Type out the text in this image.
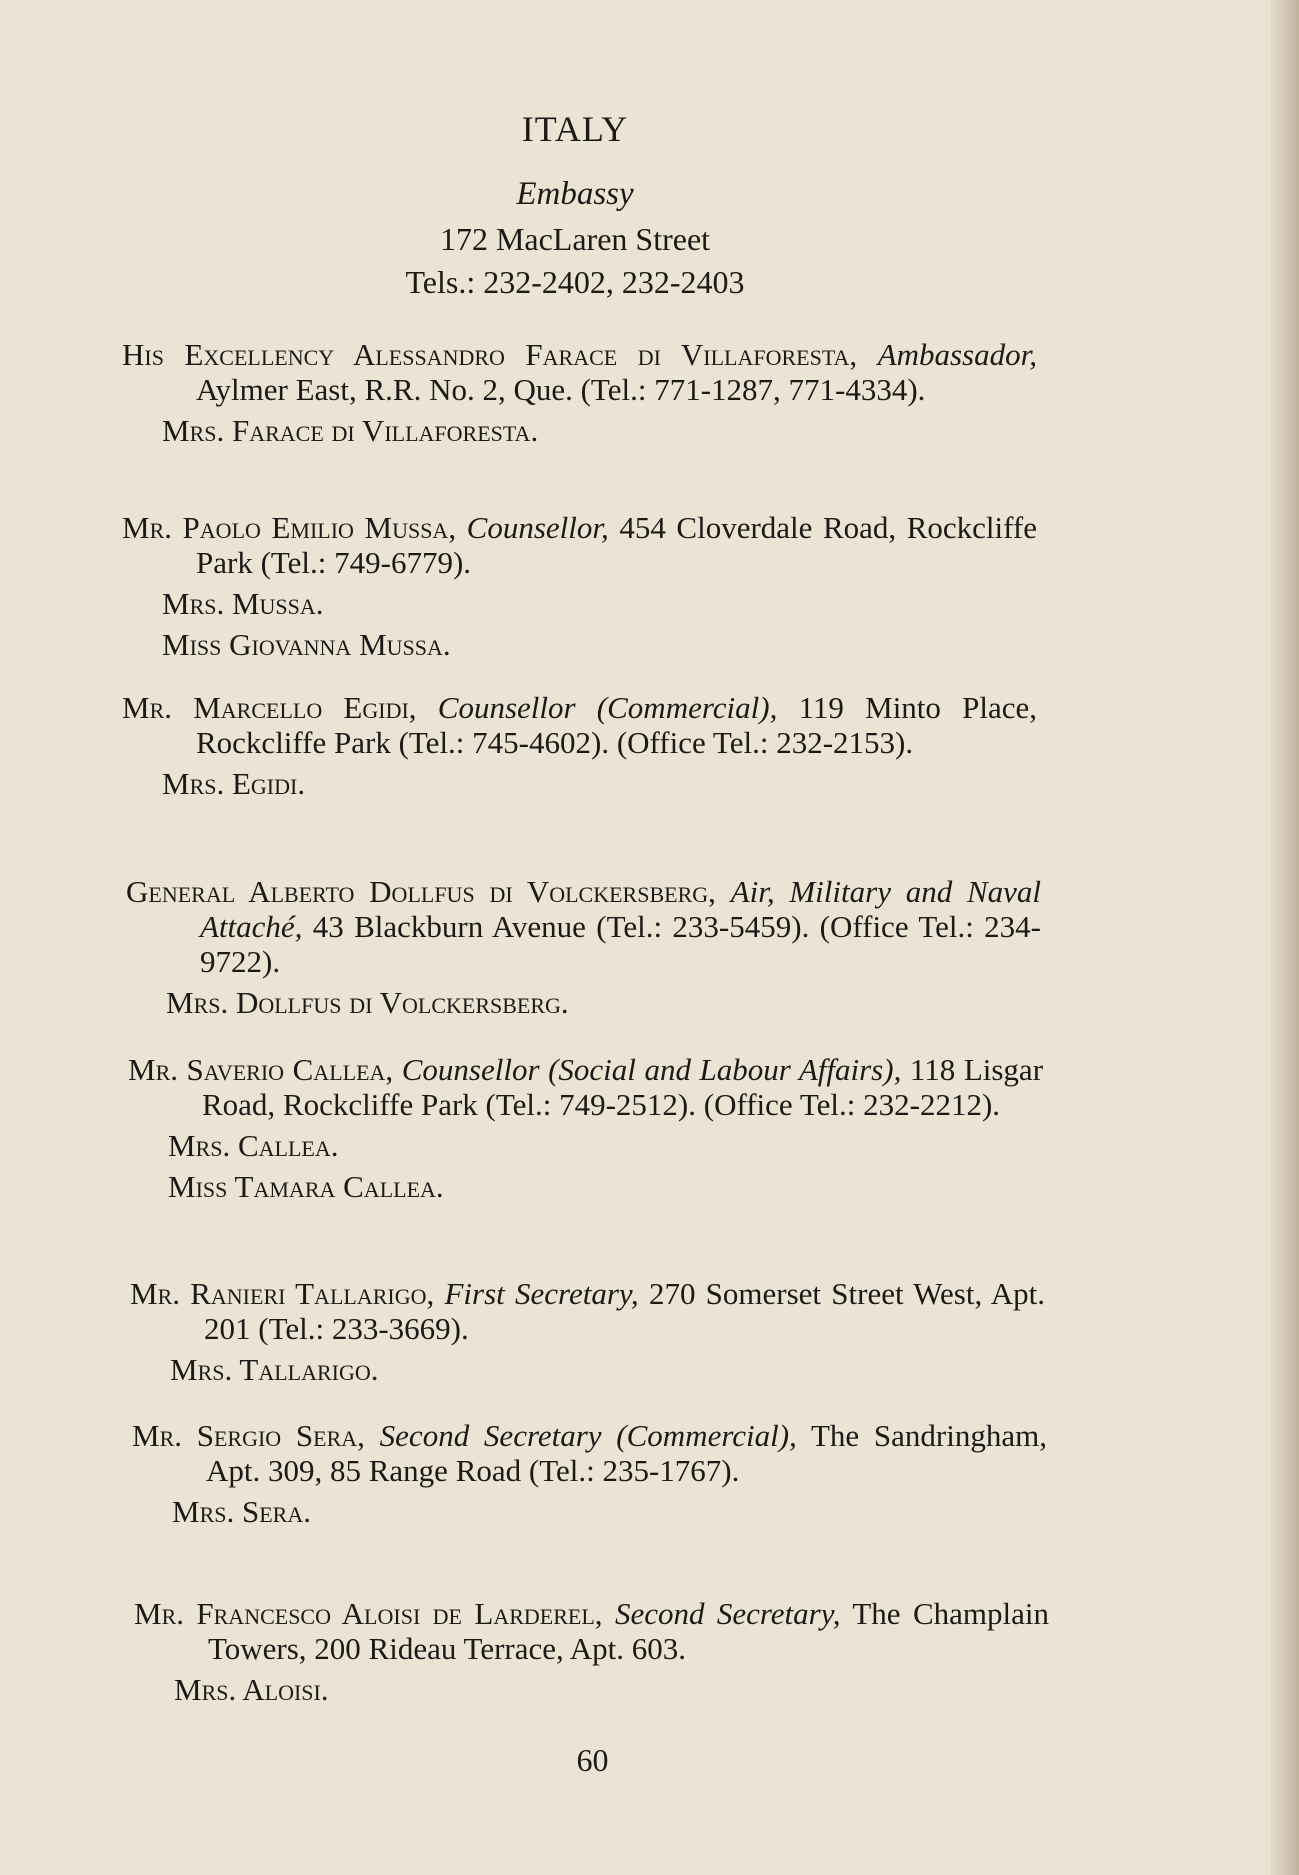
ITALY
Embassy
172 MacLaren Street
Tels.: 232-2402, 232-2403
His Excellency Alessandro Farace di Villaforesta, Ambassador, Aylmer East, R.R. No. 2, Que. (Tel.: 771-1287, 771-4334).
Mrs. Farace di Villaforesta.
Mr. Paolo Emilio Mussa, Counsellor, 454 Cloverdale Road, Rockcliffe Park (Tel.: 749-6779).
Mrs. Mussa.
Miss Giovanna Mussa.
Mr. Marcello Egidi, Counsellor (Commercial), 119 Minto Place, Rockcliffe Park (Tel.: 745-4602). (Office Tel.: 232-2153).
Mrs. Egidi.
General Alberto Dollfus di Volckersberg, Air, Military and Naval Attaché, 43 Blackburn Avenue (Tel.: 233-5459). (Office Tel.: 234-9722).
Mrs. Dollfus di Volckersberg.
Mr. Saverio Callea, Counsellor (Social and Labour Affairs), 118 Lisgar Road, Rockcliffe Park (Tel.: 749-2512). (Office Tel.: 232-2212).
Mrs. Callea.
Miss Tamara Callea.
Mr. Ranieri Tallarigo, First Secretary, 270 Somerset Street West, Apt. 201 (Tel.: 233-3669).
Mrs. Tallarigo.
Mr. Sergio Sera, Second Secretary (Commercial), The Sandringham, Apt. 309, 85 Range Road (Tel.: 235-1767).
Mrs. Sera.
Mr. Francesco Aloisi de Larderel, Second Secretary, The Champlain Towers, 200 Rideau Terrace, Apt. 603.
Mrs. Aloisi.
60
